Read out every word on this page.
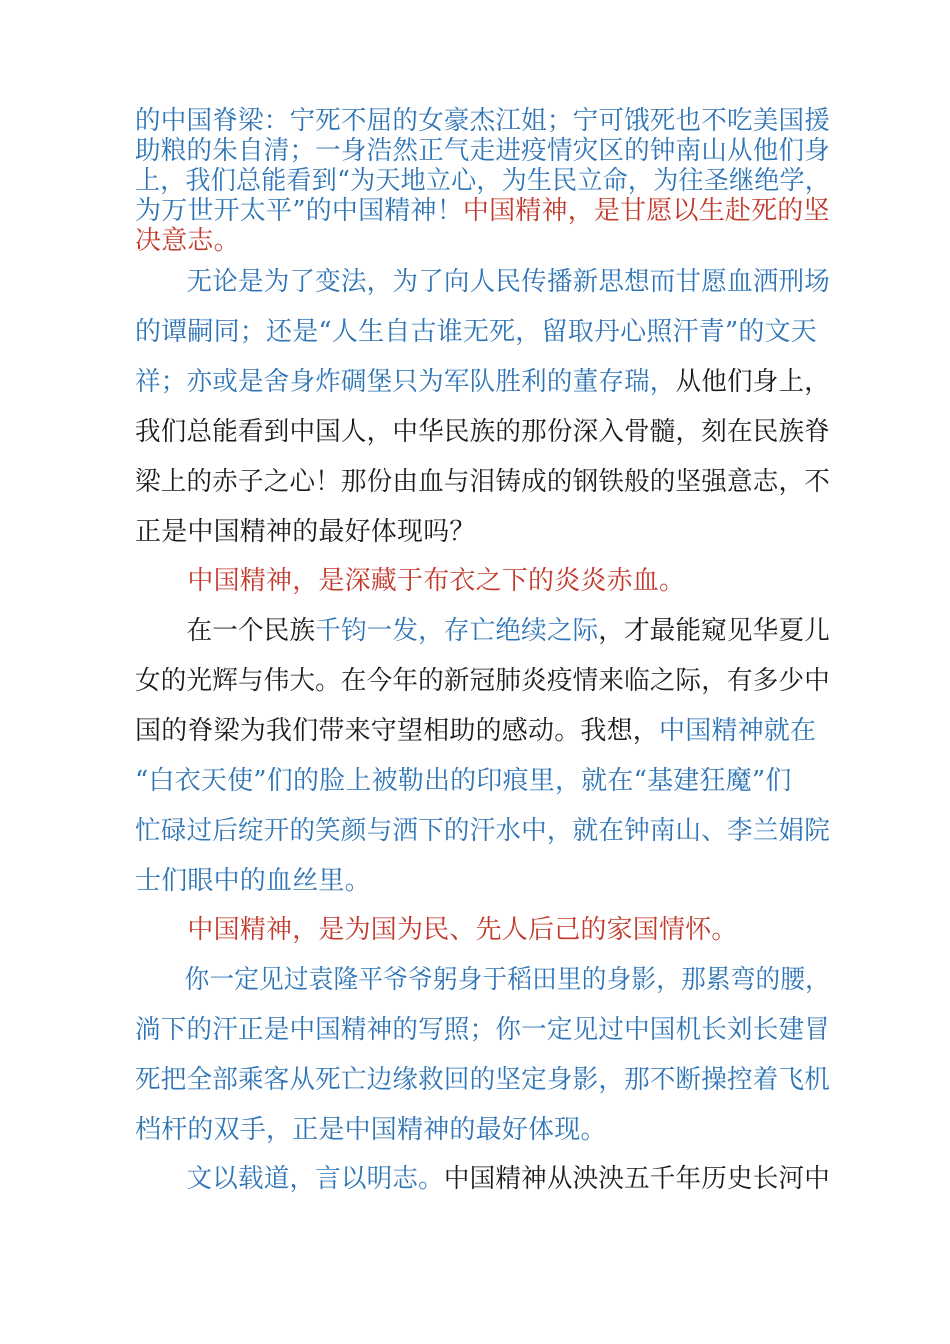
的中国脊梁：宁死不屈的女豪杰江姐；宁可饿死也不吃美国援
助粮的朱自清；一身浩然正气走进疫情灾区的钟南山从他们身
上，我们总能看到“为天地立心，为生民立命，为往圣继绝学，
为万世开太平”的中国精神！中国精神，是甘愿以生赴死的坚
决意志。
　　无论是为了变法，为了向人民传播新思想而甘愿血洒刑场
的谭嗣同；还是“人生自古谁无死，留取丹心照汗青”的文天
祥；亦或是舍身炸碉堡只为军队胜利的董存瑞，从他们身上，
我们总能看到中国人，中华民族的那份深入骨髓，刻在民族脊
梁上的赤子之心！那份由血与泪铸成的钢铁般的坚强意志，不
正是中国精神的最好体现吗？
　　中国精神，是深藏于布衣之下的炎炎赤血。
　　在一个民族千钧一发，存亡绝续之际，才最能窥见华夏儿
女的光辉与伟大。在今年的新冠肺炎疫情来临之际，有多少中
国的脊梁为我们带来守望相助的感动。我想，中国精神就在
“白衣天使”们的脸上被勒出的印痕里，就在“基建狂魔”们
忙碌过后绽开的笑颜与洒下的汗水中，就在钟南山、李兰娟院
士们眼中的血丝里。
　　中国精神，是为国为民、先人后己的家国情怀。
　　你一定见过袁隆平爷爷躬身于稻田里的身影，那累弯的腰，
淌下的汗正是中国精神的写照；你一定见过中国机长刘长建冒
死把全部乘客从死亡边缘救回的坚定身影，那不断操控着飞机
档杆的双手，正是中国精神的最好体现。
　　文以载道，言以明志。中国精神从泱泱五千年历史长河中
